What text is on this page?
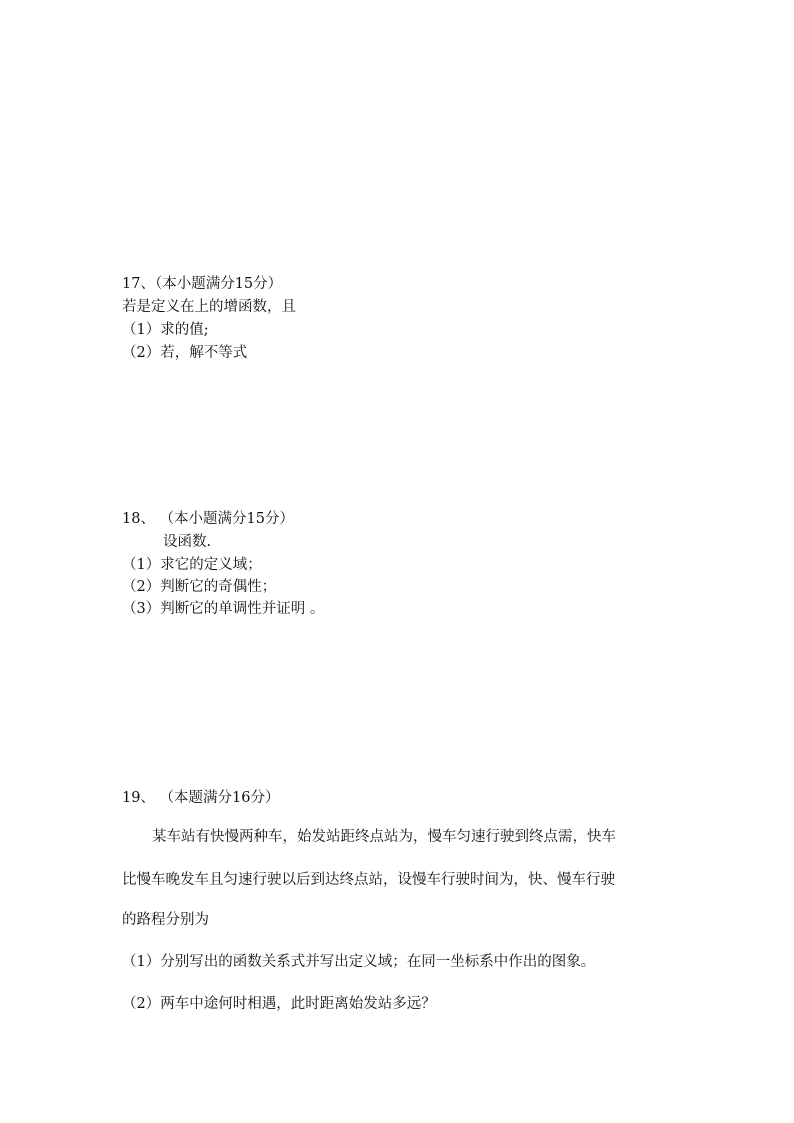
17、（本小题满分15分）
若是定义在上的增函数，且
（1）求的值;
（2）若，解不等式
18、 （本小题满分15分）
设函数.
（1）求它的定义域；
（2）判断它的奇偶性；
（3）判断它的单调性并证明 。
19、 （本题满分16分）
某车站有快慢两种车，始发站距终点站为，慢车匀速行驶到终点需，快车
比慢车晚发车且匀速行驶以后到达终点站，设慢车行驶时间为，快、慢车行驶
的路程分别为
（1）分别写出的函数关系式并写出定义域；在同一坐标系中作出的图象。
（2）两车中途何时相遇，此时距离始发站多远？
